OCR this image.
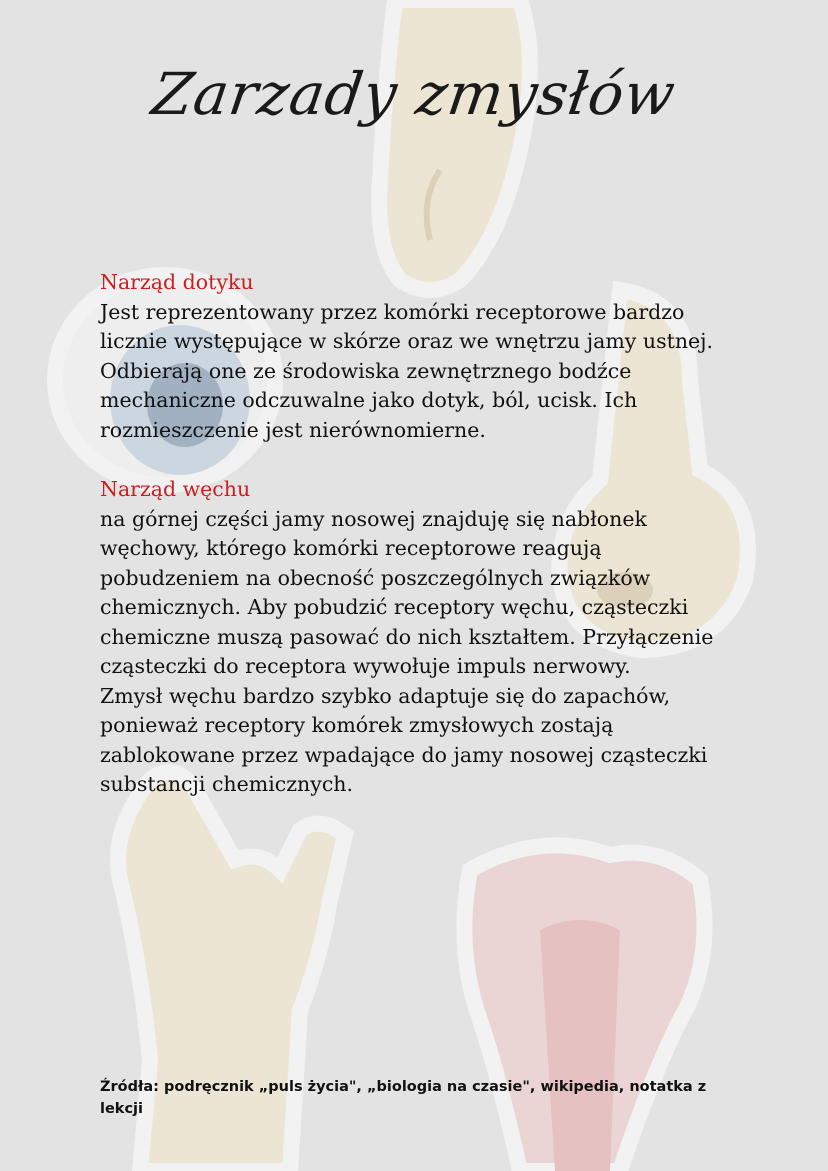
Zarzady zmysłów
Narząd dotyku
Jest reprezentowany przez komórki receptorowe bardzo
licznie występujące w skórze oraz we wnętrzu jamy ustnej.
Odbierają one ze środowiska zewnętrznego bodźce
mechaniczne odczuwalne jako dotyk, ból, ucisk. Ich
rozmieszczenie jest nierównomierne.
Narząd węchu
na górnej części jamy nosowej znajduję się nabłonek
węchowy, którego komórki receptorowe reagują
pobudzeniem na obecność poszczególnych związków
chemicznych. Aby pobudzić receptory węchu, cząsteczki
chemiczne muszą pasować do nich kształtem. Przyłączenie
cząsteczki do receptora wywołuje impuls nerwowy.
Zmysł węchu bardzo szybko adaptuje się do zapachów,
ponieważ receptory komórek zmysłowych zostają
zablokowane przez wpadające do jamy nosowej cząsteczki
substancji chemicznych.
Źródła: podręcznik „puls życia", „biologia na czasie", wikipedia, notatka z
lekcji
